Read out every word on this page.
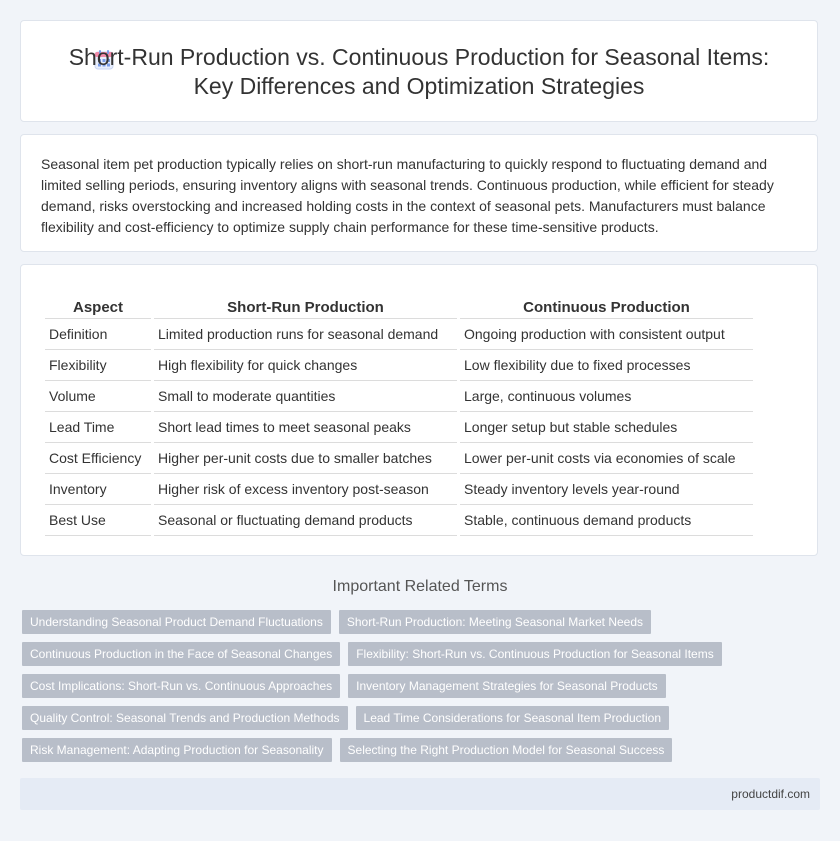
Short-Run Production vs. Continuous Production for Seasonal Items: Key Differences and Optimization Strategies

Seasonal item pet production typically relies on short-run manufacturing to quickly respond to fluctuating demand and limited selling periods, ensuring inventory aligns with seasonal trends. Continuous production, while efficient for steady demand, risks overstocking and increased holding costs in the context of seasonal pets. Manufacturers must balance flexibility and cost-efficiency to optimize supply chain performance for these time-sensitive products.

Aspect	Short-Run Production	Continuous Production
Definition	Limited production runs for seasonal demand	Ongoing production with consistent output
Flexibility	High flexibility for quick changes	Low flexibility due to fixed processes
Volume	Small to moderate quantities	Large, continuous volumes
Lead Time	Short lead times to meet seasonal peaks	Longer setup but stable schedules
Cost Efficiency	Higher per-unit costs due to smaller batches	Lower per-unit costs via economies of scale
Inventory	Higher risk of excess inventory post-season	Steady inventory levels year-round
Best Use	Seasonal or fluctuating demand products	Stable, continuous demand products
Important Related Terms
Understanding Seasonal Product Demand Fluctuations	Short-Run Production: Meeting Seasonal Market Needs
Continuous Production in the Face of Seasonal Changes	Flexibility: Short-Run vs. Continuous Production for Seasonal Items
Cost Implications: Short-Run vs. Continuous Approaches	Inventory Management Strategies for Seasonal Products
Quality Control: Seasonal Trends and Production Methods	Lead Time Considerations for Seasonal Item Production
Risk Management: Adapting Production for Seasonality	Selecting the Right Production Model for Seasonal Success
productdif.com
